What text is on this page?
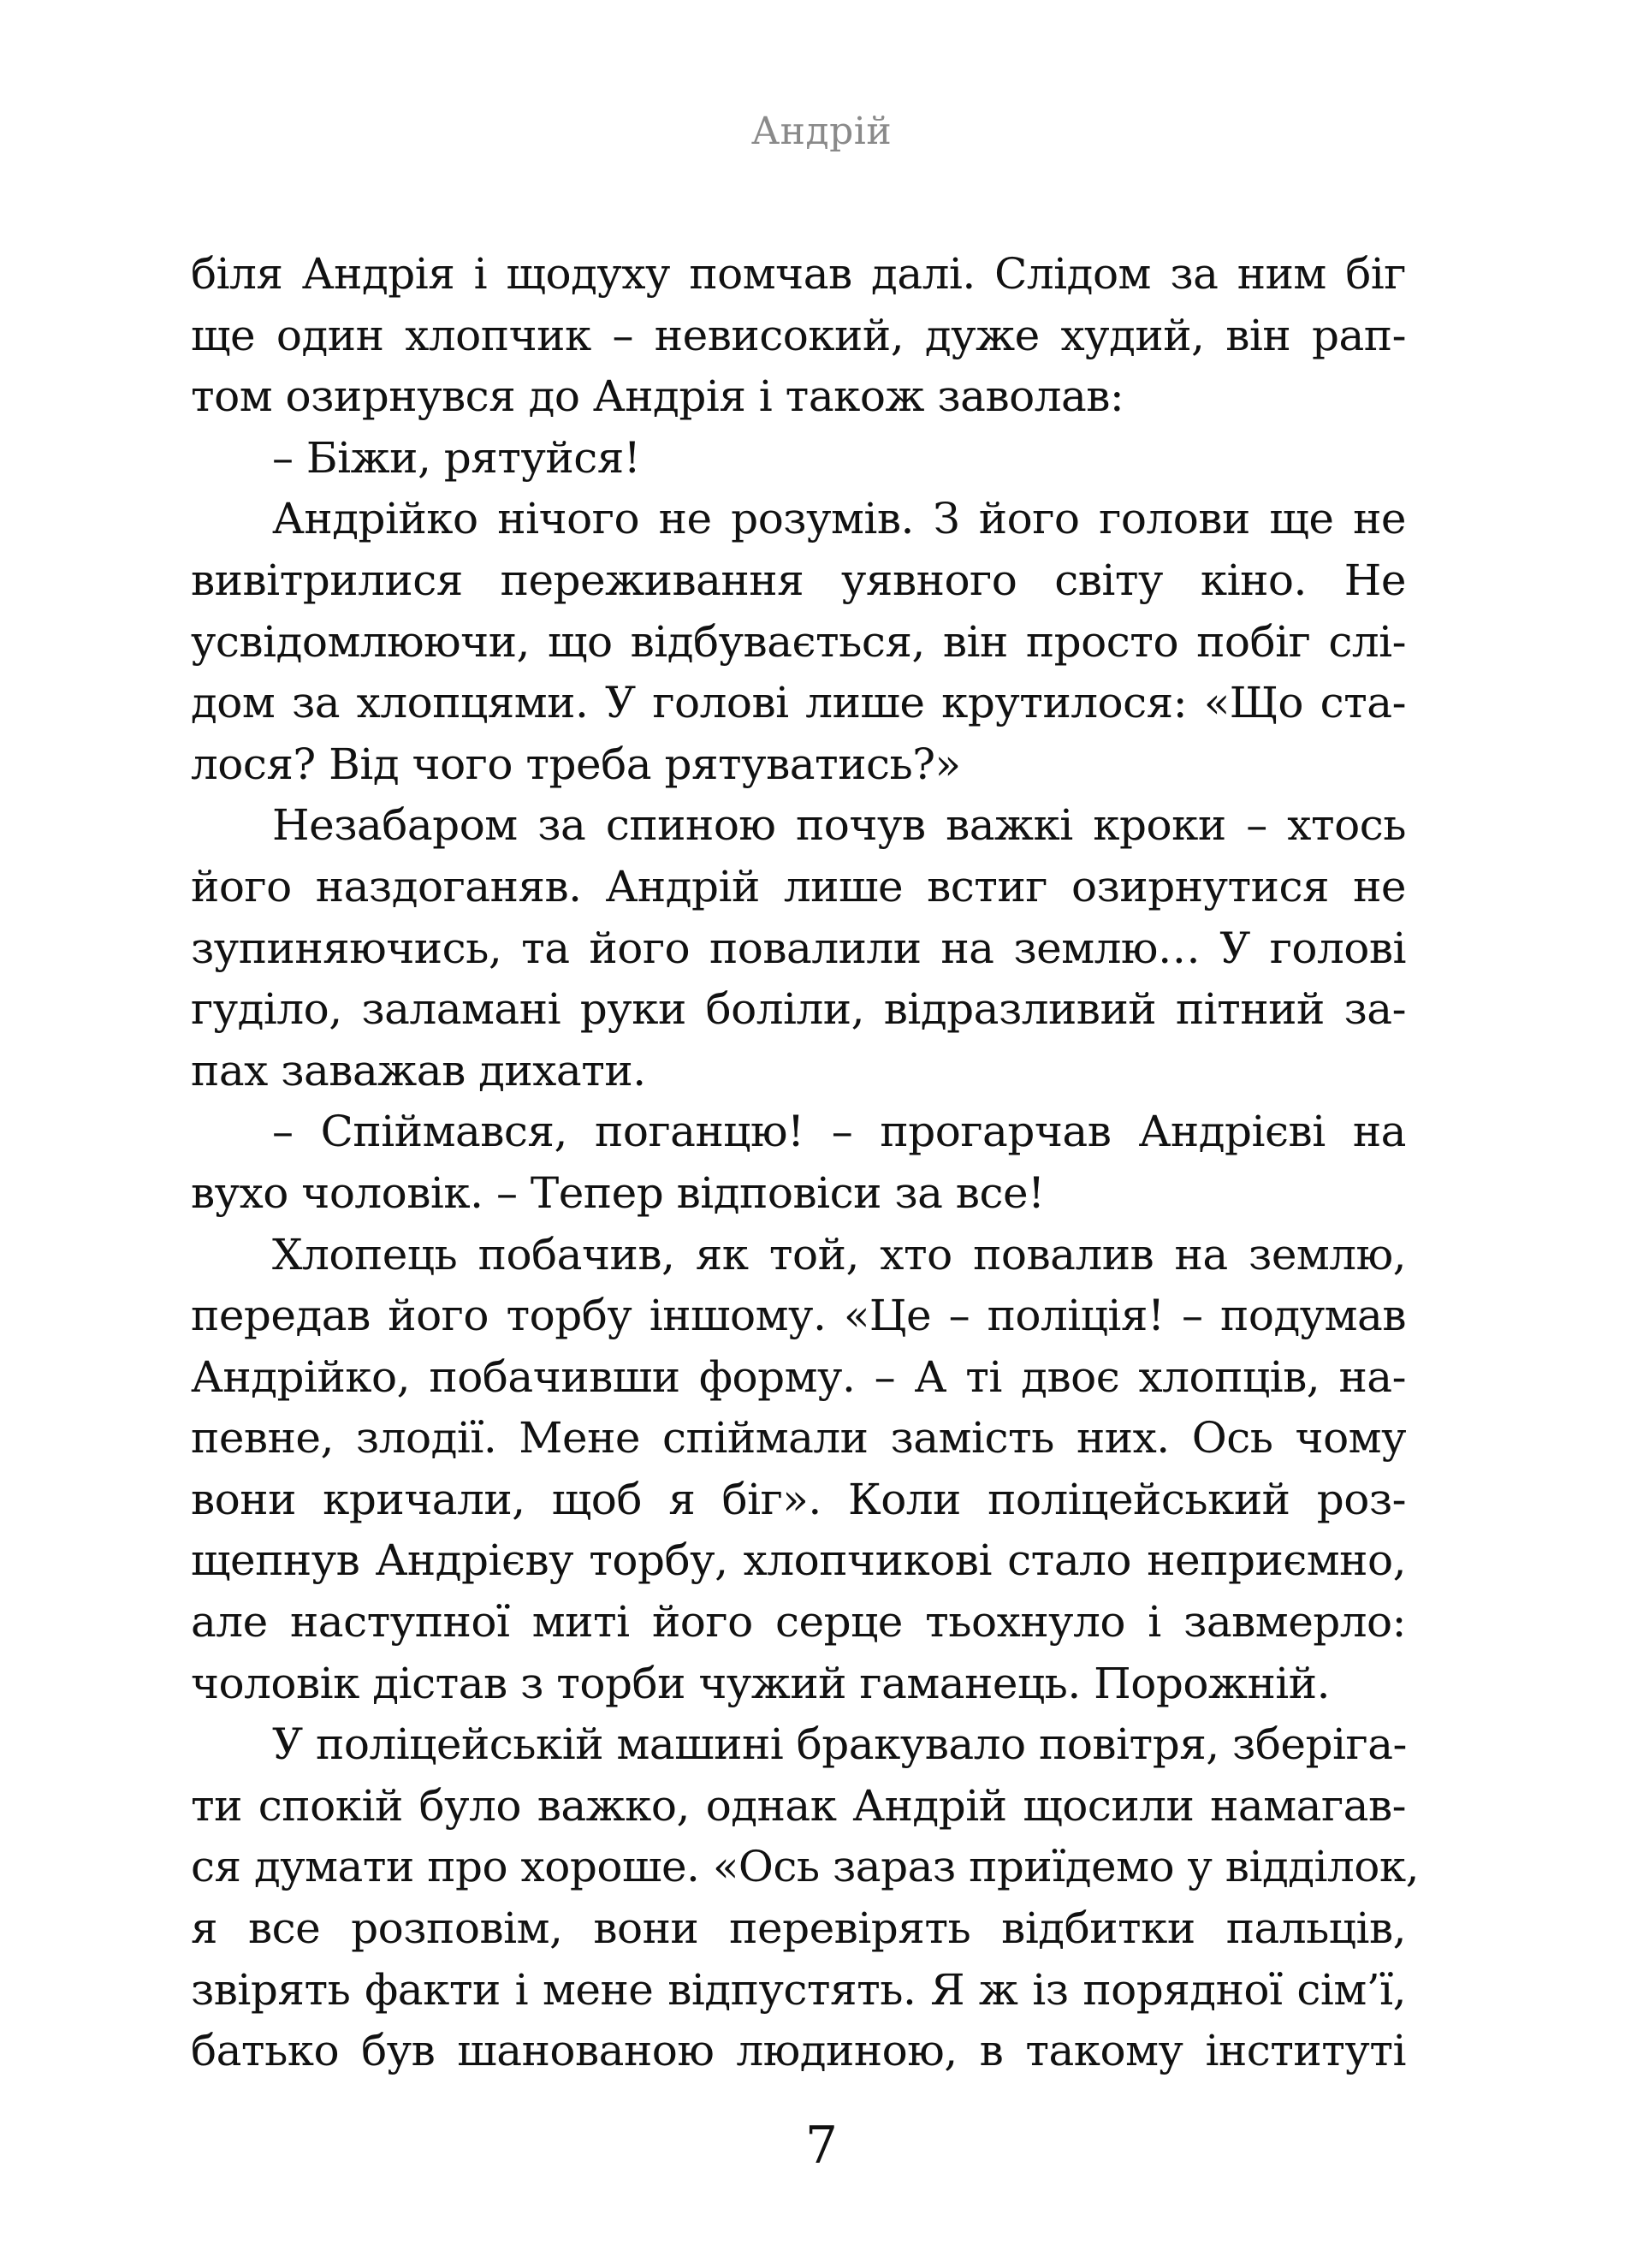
Андрій
біля Андрія і щодуху помчав далі. Слідом за ним біг
ще один хлопчик – невисокий, дуже худий, він рап-
том озирнувся до Андрія і також заволав:
– Біжи, рятуйся!
Андрійко нічого не розумів. З його голови ще не
вивітрилися переживання уявного світу кіно. Не
усвідомлюючи, що відбувається, він просто побіг слі-
дом за хлопцями. У голові лише крутилося: «Що ста-
лося? Від чого треба рятуватись?»
Незабаром за спиною почув важкі кроки – хтось
його наздоганяв. Андрій лише встиг озирнутися не
зупиняючись, та його повалили на землю… У голові
гуділо, заламані руки боліли, відразливий пітний за-
пах заважав дихати.
– Спіймався, поганцю! – прогарчав Андрієві на
вухо чоловік. – Тепер відповіси за все!
Хлопець побачив, як той, хто повалив на землю,
передав його торбу іншому. «Це – поліція! – подумав
Андрійко, побачивши форму. – А ті двоє хлопців, на-
певне, злодії. Мене спіймали замість них. Ось чому
вони кричали, щоб я біг». Коли поліцейський роз-
щепнув Андрієву торбу, хлопчикові стало неприємно,
але наступної миті його серце тьохнуло і завмерло:
чоловік дістав з торби чужий гаманець. Порожній.
У поліцейській машині бракувало повітря, зберіга-
ти спокій було важко, однак Андрій щосили намагав-
ся думати про хороше. «Ось зараз приїдемо у відділок,
я все розповім, вони перевірять відбитки пальців,
звірять факти і мене відпустять. Я ж із порядної сім’ї,
батько був шанованою людиною, в такому інституті
7
